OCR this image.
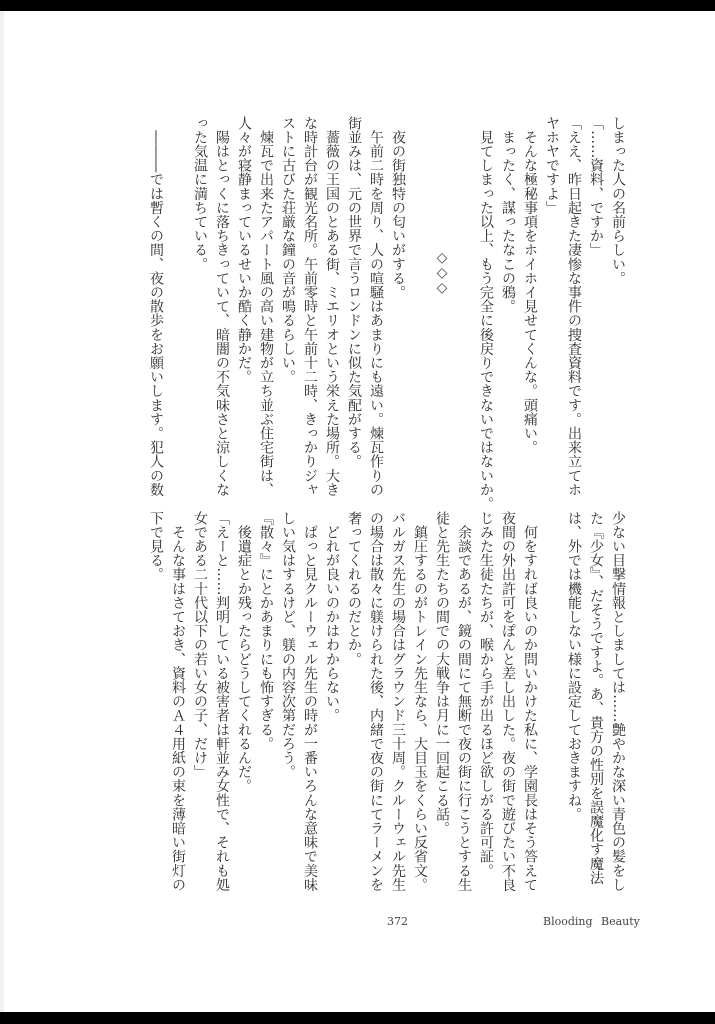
しまった人の名前らしい。
「……資料、ですか」
「ええ、昨日起きた凄惨な事件の捜査資料です。出来立てホ
ヤホヤですよ」
　そんな極秘事項をホイホイ見せてくんな。頭痛い。
　まったく、謀ったなこの鴉。
　見てしまった以上、もう完全に後戻りできないではないか。
◇◇◇
　夜の街独特の匂いがする。
　午前二時を周り、人の喧騒はあまりにも遠い。煉瓦作りの
街並みは、元の世界で言うロンドンに似た気配がする。
　薔薇の王国のとある街、ミエリオという栄えた場所。大き
な時計台が観光名所。午前零時と午前十二時、きっかりジャ
ストに古びた荘厳な鐘の音が鳴るらしい。
　煉瓦で出来たアパート風の高い建物が立ち並ぶ住宅街は、
人々が寝静まっているせいか酷く静かだ。
　陽はとっくに落ちきっていて、暗闇の不気味さと涼しくな
った気温に満ちている。
　―――では暫くの間、夜の散歩をお願いします。犯人の数
少ない目撃情報としましては……艶やかな深い青色の髪をし
た『少女』、だそうですよ。あ、貴方の性別を誤魔化す魔法
は、外では機能しない様に設定しておきますね。
　何をすれば良いのか問いかけた私に、学園長はそう答えて
夜間の外出許可をぽんと差し出した。夜の街で遊びたい不良
じみた生徒たちが、喉から手が出るほど欲しがる許可証。
　余談であるが、鏡の間にて無断で夜の街に行こうとする生
徒と先生たちの間での大戦争は月に一回起こる話。
　鎮圧するのがトレイン先生なら、大目玉をくらい反省文。
バルガス先生の場合はグラウンド三十周。クルーウェル先生
の場合は散々に躾けられた後、内緒で夜の街にてラーメンを
奢ってくれるのだとか。
　どれが良いのかはわからない。
　ぱっと見クルーウェル先生の時が一番いろんな意味で美味
しい気はするけど、躾の内容次第だろう。
『散々』にとかあまりにも怖すぎる。
　後遺症とか残ったらどうしてくれるんだ。
「えーと……判明している被害者は軒並み女性で、それも処
女である二十代以下の若い女の子、だけ」
　そんな事はさておき、資料のＡ４用紙の束を薄暗い街灯の
下で見る。
372	Blooding Beauty
